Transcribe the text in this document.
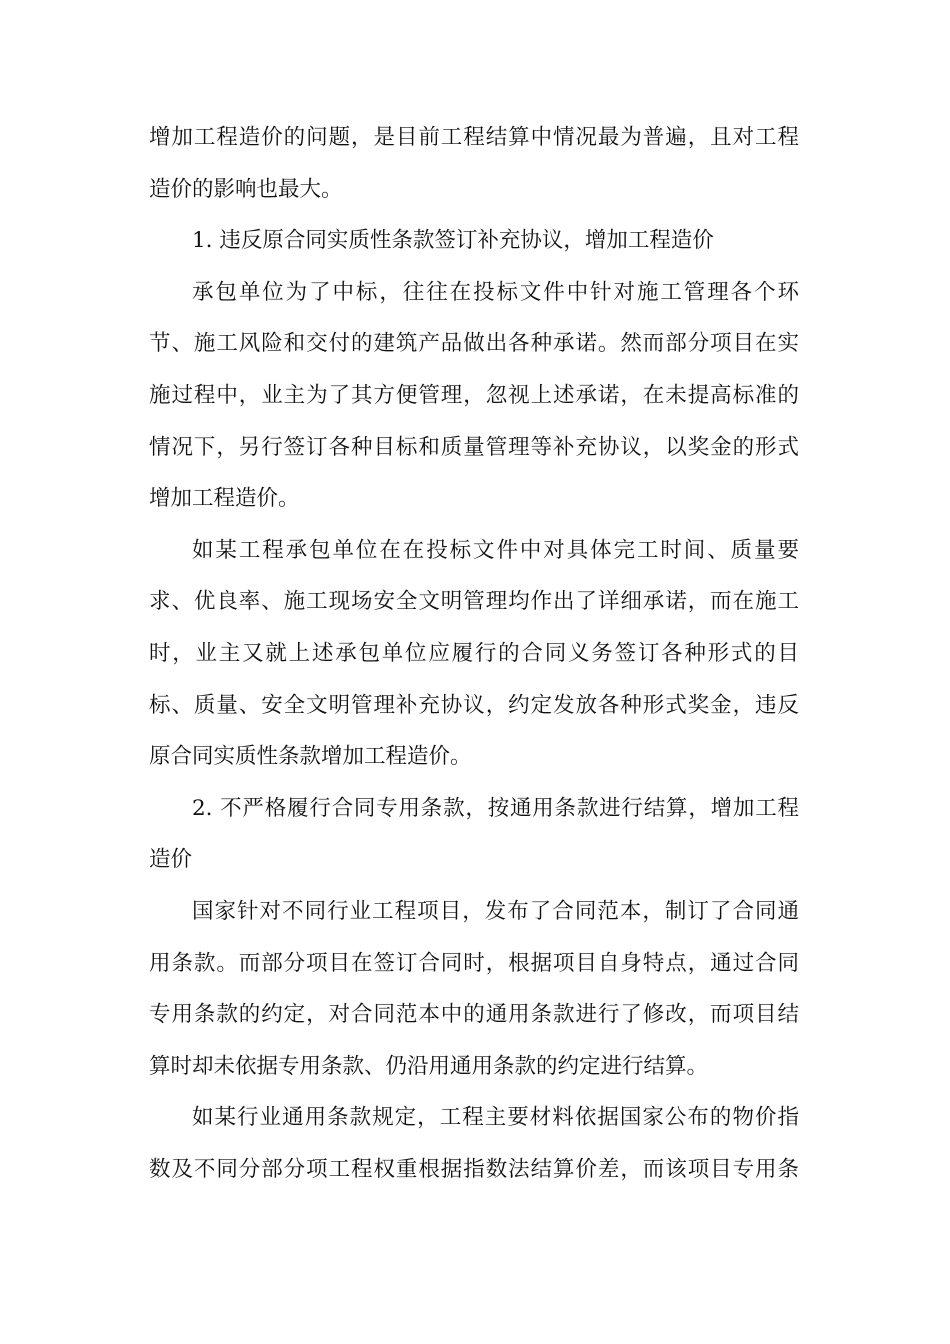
增加工程造价的问题，是目前工程结算中情况最为普遍，且对工程
造价的影响也最大。
1. 违反原合同实质性条款签订补充协议，增加工程造价
承包单位为了中标，往往在投标文件中针对施工管理各个环
节、施工风险和交付的建筑产品做出各种承诺。然而部分项目在实
施过程中，业主为了其方便管理，忽视上述承诺，在未提高标准的
情况下，另行签订各种目标和质量管理等补充协议，以奖金的形式
增加工程造价。
如某工程承包单位在在投标文件中对具体完工时间、质量要
求、优良率、施工现场安全文明管理均作出了详细承诺，而在施工
时，业主又就上述承包单位应履行的合同义务签订各种形式的目
标、质量、安全文明管理补充协议，约定发放各种形式奖金，违反
原合同实质性条款增加工程造价。
2. 不严格履行合同专用条款，按通用条款进行结算，增加工程
造价
国家针对不同行业工程项目，发布了合同范本，制订了合同通
用条款。而部分项目在签订合同时，根据项目自身特点，通过合同
专用条款的约定，对合同范本中的通用条款进行了修改，而项目结
算时却未依据专用条款、仍沿用通用条款的约定进行结算。
如某行业通用条款规定，工程主要材料依据国家公布的物价指
数及不同分部分项工程权重根据指数法结算价差，而该项目专用条
